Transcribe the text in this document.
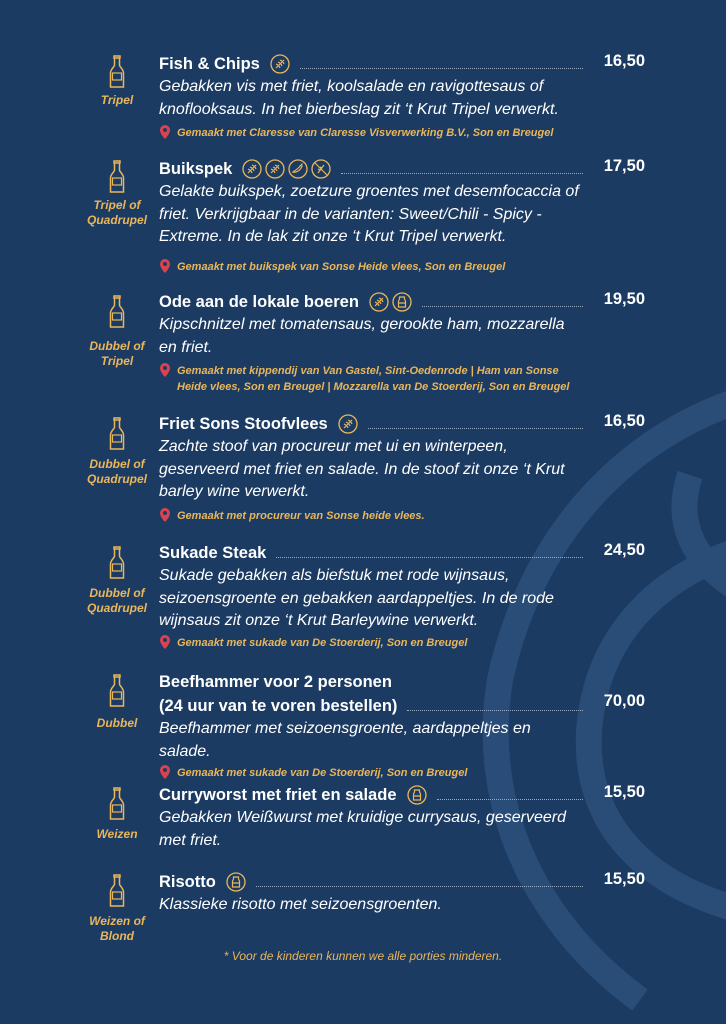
Tripel
Fish & Chips
Gebakken vis met friet, koolsalade en ravigottesaus of knoflooksaus. In het bierbeslag zit ‘t Krut Tripel verwerkt.
Gemaakt met Claresse van Claresse Visverwerking B.V., Son en Breugel
16,50
Tripel of Quadrupel
Buikspek
Gelakte buikspek, zoetzure groentes met desemfocaccia of friet. Verkrijgbaar in de varianten: Sweet/Chili - Spicy - Extreme. In de lak zit onze ‘t Krut Tripel verwerkt.
Gemaakt met buikspek van Sonse Heide vlees, Son en Breugel
17,50
Dubbel of Tripel
Ode aan de lokale boeren
Kipschnitzel met tomatensaus, gerookte ham, mozzarella en friet.
Gemaakt met kippendij van Van Gastel, Sint-Oedenrode | Ham van Sonse Heide vlees, Son en Breugel | Mozzarella van De Stoerderij, Son en Breugel
19,50
Dubbel of Quadrupel
Friet Sons Stoofvlees
Zachte stoof van procureur met ui en winterpeen, geserveerd met friet en salade. In de stoof zit onze ‘t Krut barley wine verwerkt.
Gemaakt met procureur van Sonse heide vlees.
16,50
Dubbel of Quadrupel
Sukade Steak
Sukade gebakken als biefstuk met rode wijnsaus, seizoensgroente en gebakken aardappeltjes. In de rode wijnsaus zit onze ‘t Krut Barleywine verwerkt.
Gemaakt met sukade van De Stoerderij, Son en Breugel
24,50
Dubbel
Beefhammer voor 2 personen
(24 uur van te voren bestellen)
Beefhammer met seizoensgroente, aardappeltjes en salade.
Gemaakt met sukade van De Stoerderij, Son en Breugel
70,00
Weizen
Curryworst met friet en salade
Gebakken Weißwurst met kruidige currysaus, geserveerd met friet.
15,50
Weizen of Blond
Risotto
Klassieke risotto met seizoensgroenten.
15,50
* Voor de kinderen kunnen we alle porties minderen.
